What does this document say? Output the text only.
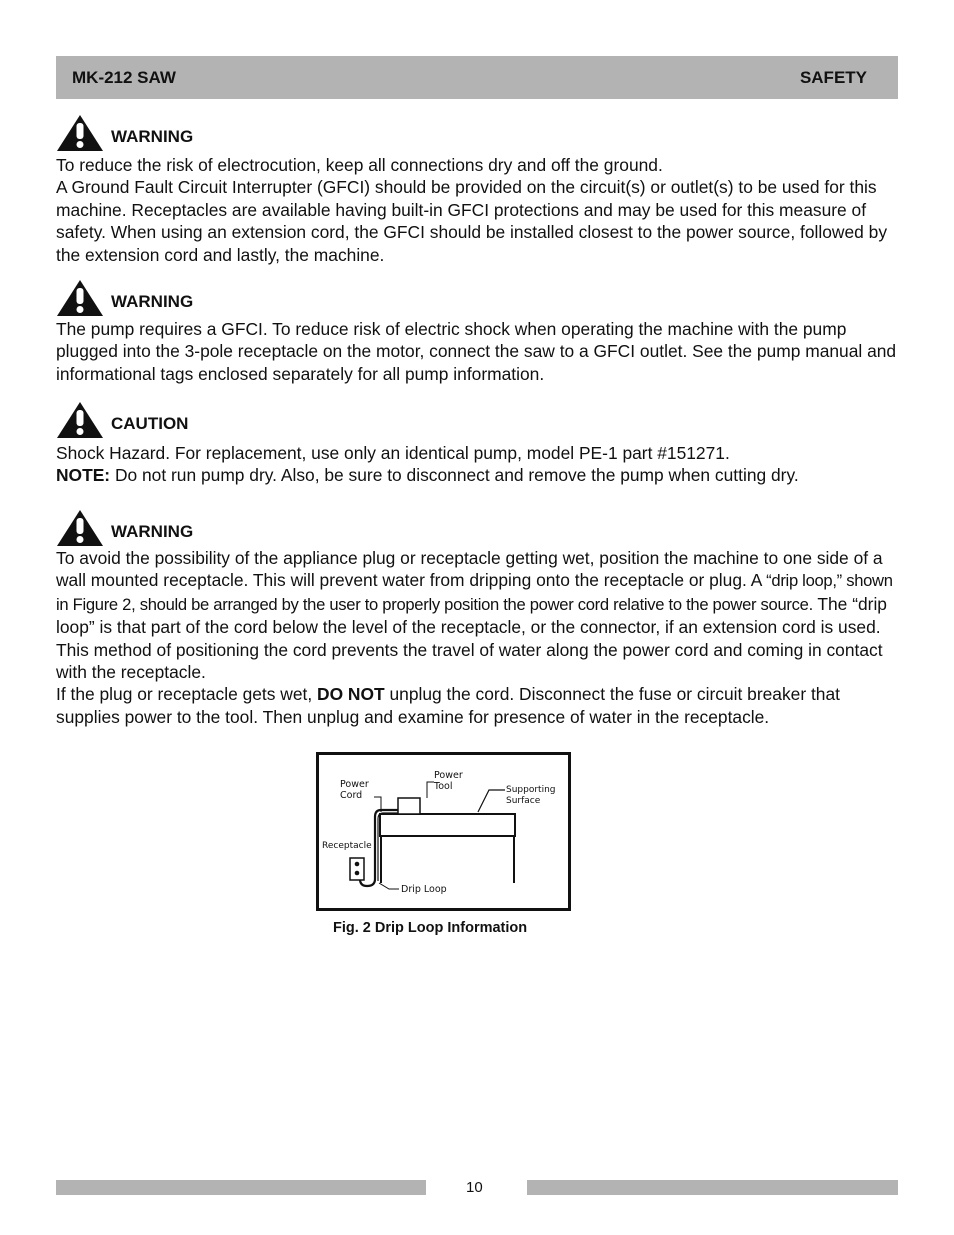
MK-212 SAW	SAFETY
WARNING

To reduce the risk of electrocution, keep all connections dry and off the ground.

A Ground Fault Circuit Interrupter (GFCI) should be provided on the circuit(s) or outlet(s) to be used for this machine. Receptacles are available having built-in GFCI protections and may be used for this measure of safety. When using an extension cord, the GFCI should be installed closest to the power source, followed by the extension cord and lastly, the machine.

WARNING

The pump requires a GFCI. To reduce risk of electric shock when operating the machine with the pump plugged into the 3-pole receptacle on the motor, connect the saw to a GFCI outlet. See the pump manual and informational tags enclosed separately for all pump information.

CAUTION

Shock Hazard. For replacement, use only an identical pump, model PE-1 part #151271.

NOTE: Do not run pump dry. Also, be sure to disconnect and remove the pump when cutting dry.

WARNING

To avoid the possibility of the appliance plug or receptacle getting wet, position the machine to one side of a wall mounted receptacle. This will prevent water from dripping onto the receptacle or plug. A “drip loop,” shown in Figure 2, should be arranged by the user to properly position the power cord relative to the power source. The “drip loop” is that part of the cord below the level of the receptacle, or the connector, if an extension cord is used. This method of positioning the cord prevents the travel of water along the power cord and coming in contact with the receptacle.

If the plug or receptacle gets wet, DO NOT unplug the cord. Disconnect the fuse or circuit breaker that supplies power to the tool. Then unplug and examine for presence of water in the receptacle.

Power
Cord
Power
Tool	Supporting
Surface
Receptacle
Drip Loop
Fig. 2 Drip Loop Information
10
